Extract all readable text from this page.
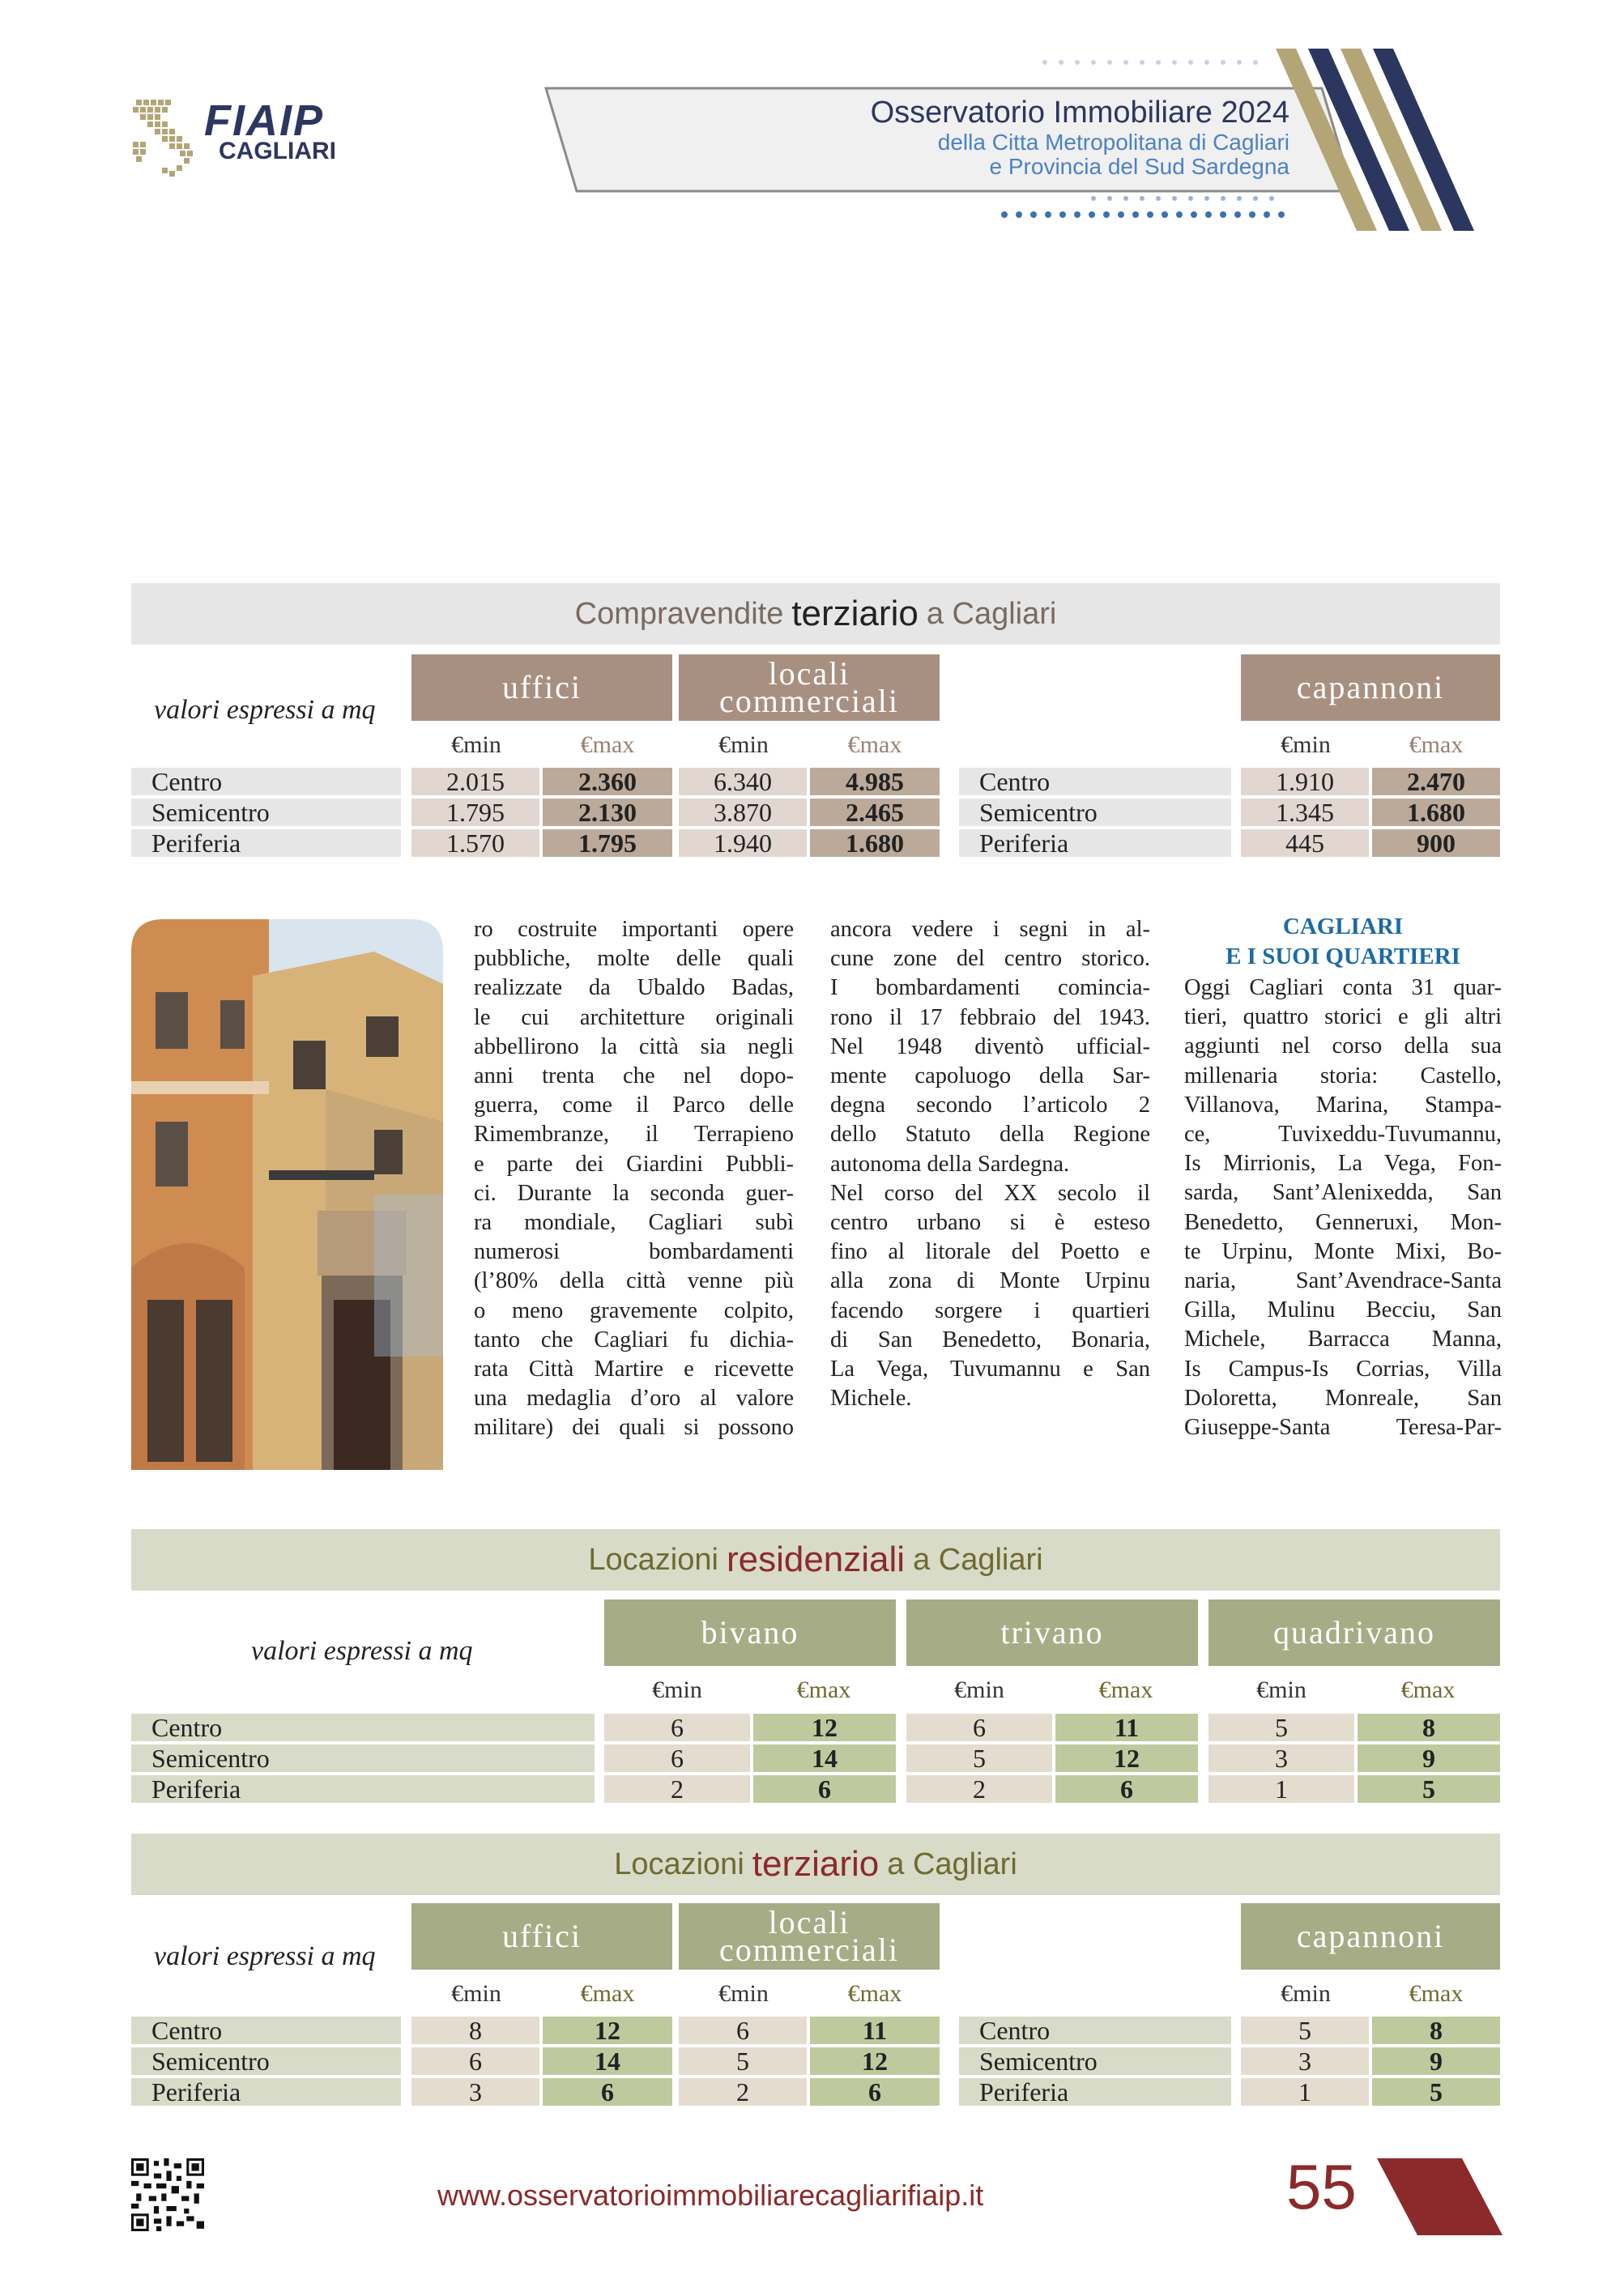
FIAIP
CAGLIARI
Osservatorio Immobiliare 2024
della Citta Metropolitana di Cagliari
e Provincia del Sud Sardegna
Compravendite terziario a Cagliari
valori espressi a mq
uffici	locali
commerciali	capannoni
€min	€max	€min	€max	€min	€max
Centro	2.015	2.360	6.340	4.985	Centro	1.910	2.470
Semicentro	1.795	2.130	3.870	2.465	Semicentro	1.345	1.680
Periferia	1.570	1.795	1.940	1.680	Periferia	445	900
ro costruite importanti opere
pubbliche, molte delle quali
realizzate da Ubaldo Badas,
le cui architetture originali
abbellirono la città sia negli
anni trenta che nel dopo-
guerra, come il Parco delle
Rimembranze, il Terrapieno
e parte dei Giardini Pubbli-
ci. Durante la seconda guer-
ra mondiale, Cagliari subì
numerosi bombardamenti
(l’80% della città venne più
o meno gravemente colpito,
tanto che Cagliari fu dichia-
rata Città Martire e ricevette
una medaglia d’oro al valore
militare) dei quali si possono
ancora vedere i segni in al-
cune zone del centro storico.
I bombardamenti comincia-
rono il 17 febbraio del 1943.
Nel 1948 diventò ufficial-
mente capoluogo della Sar-
degna secondo l’articolo 2
dello Statuto della Regione
autonoma della Sardegna.
Nel corso del XX secolo il
centro urbano si è esteso
fino al litorale del Poetto e
alla zona di Monte Urpinu
facendo sorgere i quartieri
di San Benedetto, Bonaria,
La Vega, Tuvumannu e San
Michele.
CAGLIARI
E I SUOI QUARTIERI
Oggi Cagliari conta 31 quar-
tieri, quattro storici e gli altri
aggiunti nel corso della sua
millenaria storia: Castello,
Villanova, Marina, Stampa-
ce, Tuvixeddu-Tuvumannu,
Is Mirrionis, La Vega, Fon-
sarda, Sant’Alenixedda, San
Benedetto, Genneruxi, Mon-
te Urpinu, Monte Mixi, Bo-
naria, Sant’Avendrace-Santa
Gilla, Mulinu Becciu, San
Michele, Barracca Manna,
Is Campus-Is Corrias, Villa
Doloretta, Monreale, San
Giuseppe-Santa Teresa-Par-
Locazioni residenziali a Cagliari
valori espressi a mq
bivano	trivano	quadrivano
€min	€max	€min	€max	€min	€max
Centro	6	12	6	11	5	8
Semicentro	6	14	5	12	3	9
Periferia	2	6	2	6	1	5
Locazioni terziario a Cagliari
valori espressi a mq
uffici	locali
commerciali	capannoni
€min	€max	€min	€max	€min	€max
Centro	8	12	6	11	Centro	5	8
Semicentro	6	14	5	12	Semicentro	3	9
Periferia	3	6	2	6	Periferia	1	5
www.osservatorioimmobiliarecagliarifiaip.it	55
